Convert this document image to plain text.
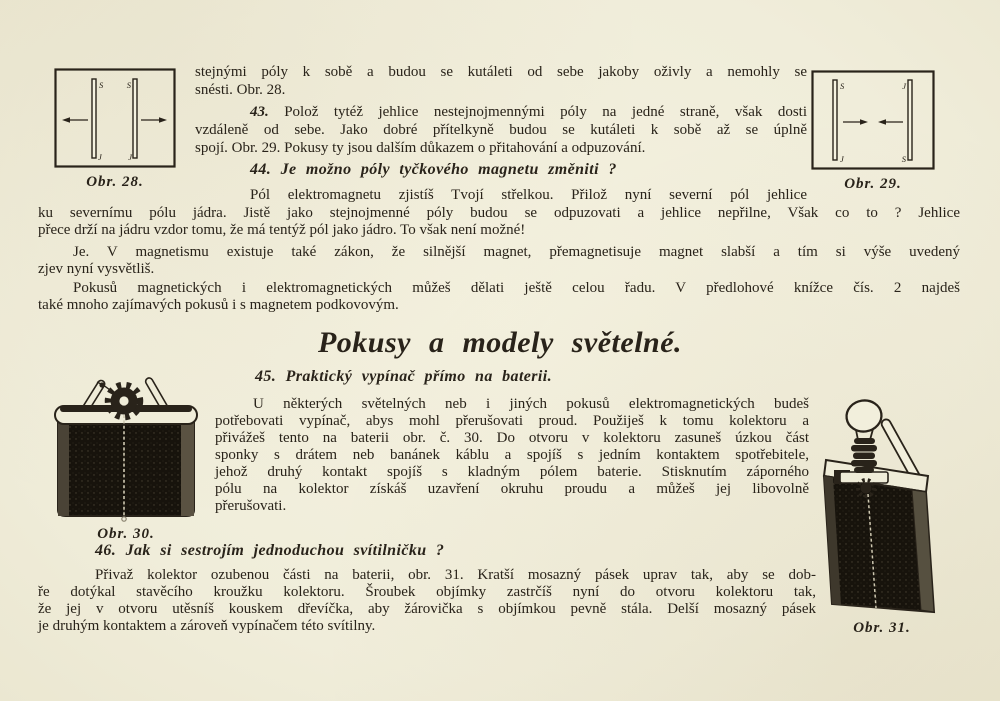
S
J
S
J
Obr. 28.
S
J
J
S
Obr. 29.
stejnými póly k sobě a budou se kutáleti od sebe jakoby oživly a nemohly se
snésti. Obr. 28.
43. Polož tytéž jehlice nestejnojmennými póly na jedné straně, však dosti
vzdáleně od sebe. Jako dobré přítelkyně budou se kutáleti k sobě až se úplně
spojí. Obr. 29. Pokusy ty jsou dalším důkazem o přitahování a odpuzování.
44. Je možno póly tyčkového magnetu změniti ?
Pól elektromagnetu zjistíš Tvojí střelkou. Přilož nyní severní pól jehlice
ku severnímu pólu jádra. Jistě jako stejnojmenné póly budou se odpuzovati a jehlice nepřilne, Však co to ? Jehlice
přece drží na jádru vzdor tomu, že má tentýž pól jako jádro. To však není možné!
Je. V magnetismu existuje také zákon, že silnější magnet, přemagnetisuje magnet slabší a tím si výše uvedený
zjev nyní vysvětliš.
Pokusů magnetických i elektromagnetických můžeš dělati ještě celou řadu. V předlohové knížce čís. 2 najdeš
také mnoho zajímavých pokusů i s magnetem podkovovým.
Pokusy a modely světelné.
45. Praktický vypínač přímo na baterii.
Obr. 30.
U některých světelných neb i jiných pokusů elektromagnetických budeš
potřebovati vypínač, abys mohl přerušovati proud. Použiješ k tomu kolektoru a
přivážeš tento na baterii obr. č. 30. Do otvoru v kolektoru zasuneš úzkou část
sponky s drátem neb banánek káblu a spojíš s jedním kontaktem spotřebitele,
jehož druhý kontakt spojíš s kladným pólem baterie. Stisknutím záporného
pólu na kolektor získáš uzavření okruhu proudu a můžeš jej libovolně
přerušovati.
46. Jak si sestrojím jednoduchou svítilničku ?
Přivaž kolektor ozubenou části na baterii, obr. 31. Kratší mosazný pásek uprav tak, aby se dob-
ře dotýkal stavěcího kroužku kolektoru. Šroubek objímky zastrčíš nyní do otvoru kolektoru tak,
že jej v otvoru utěsníš kouskem dřevíčka, aby žárovička s objímkou pevně stála. Delší mosazný pásek
je druhým kontaktem a zároveň vypínačem této svítilny.	Obr. 31.
